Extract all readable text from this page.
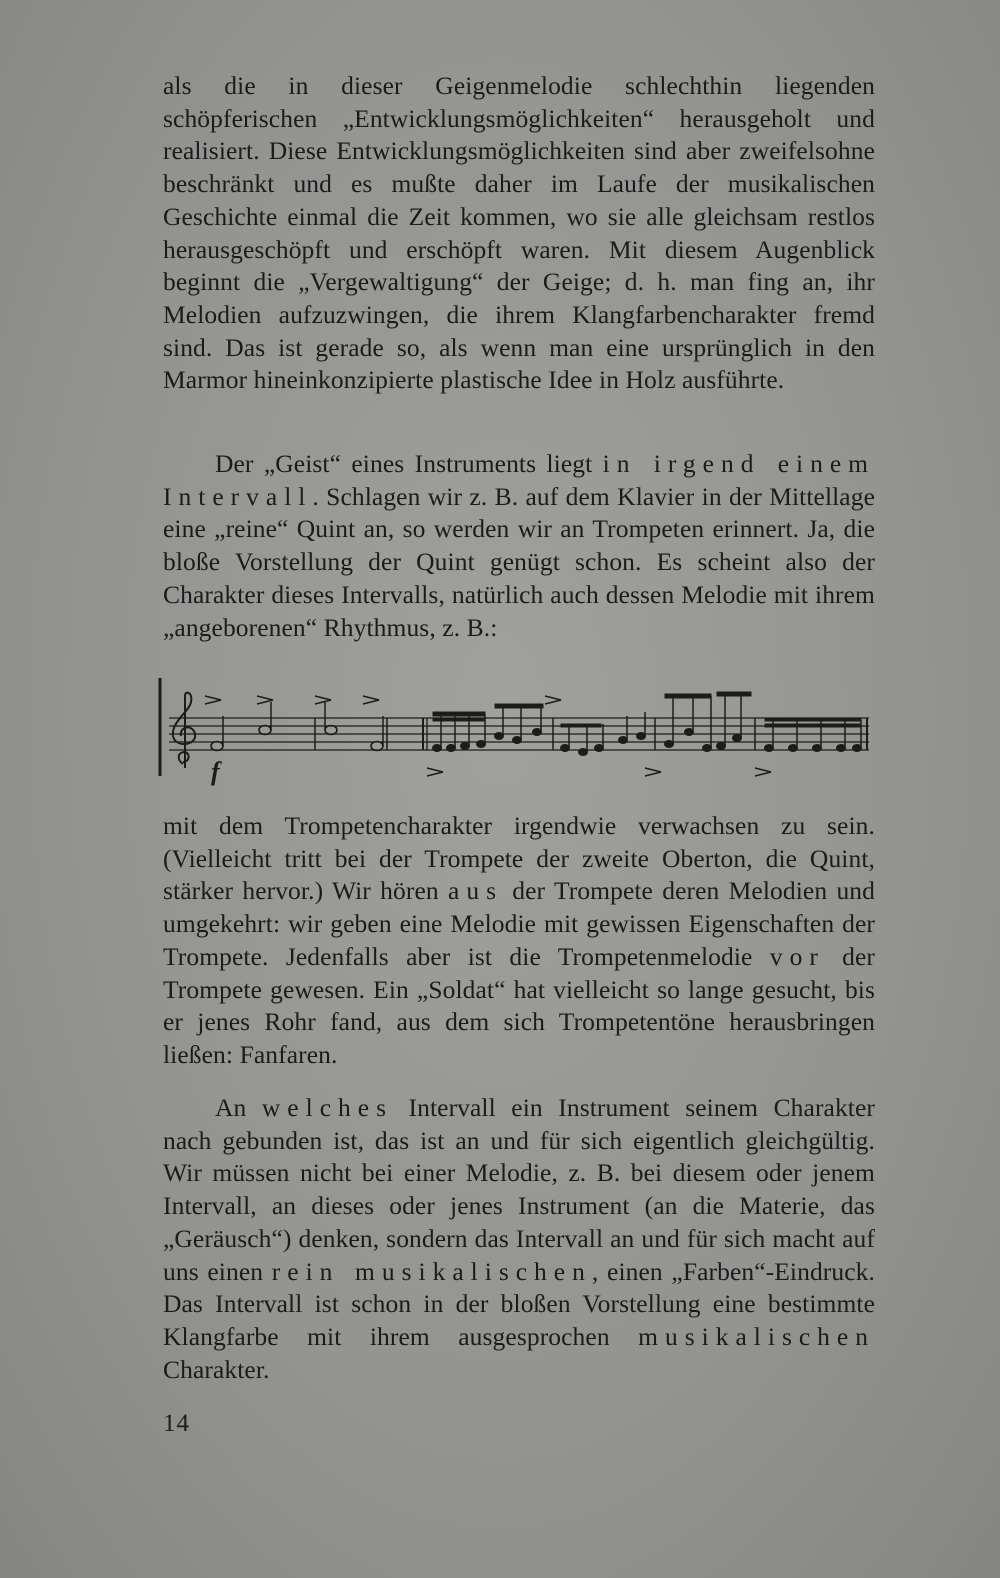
als die in dieser Geigenmelodie schlechthin liegenden schöpferischen „Entwicklungsmöglichkeiten“ herausgeholt und realisiert. Diese Entwicklungsmöglichkeiten sind aber zweifelsohne beschränkt und es mußte daher im Laufe der musikalischen Geschichte einmal die Zeit kommen, wo sie alle gleichsam restlos herausgeschöpft und erschöpft waren. Mit diesem Augenblick beginnt die „Vergewaltigung“ der Geige; d. h. man fing an, ihr Melodien aufzuzwingen, die ihrem Klangfarbencharakter fremd sind. Das ist gerade so, als wenn man eine ursprünglich in den Marmor hineinkonzipierte plastische Idee in Holz ausführte.

Der „Geist“ eines Instruments liegt in irgend einem Intervall. Schlagen wir z. B. auf dem Klavier in der Mittellage eine „reine“ Quint an, so werden wir an Trompeten erinnert. Ja, die bloße Vorstellung der Quint genügt schon. Es scheint also der Charakter dieses Intervalls, natürlich auch dessen Melodie mit ihrem „angeborenen“ Rhythmus, z. B.:

f

mit dem Trompetencharakter irgendwie verwachsen zu sein. (Vielleicht tritt bei der Trompete der zweite Oberton, die Quint, stärker hervor.) Wir hören aus der Trompete deren Melodien und umgekehrt: wir geben eine Melodie mit gewissen Eigenschaften der Trompete. Jedenfalls aber ist die Trompetenmelodie vor der Trompete gewesen. Ein „Soldat“ hat vielleicht so lange gesucht, bis er jenes Rohr fand, aus dem sich Trompetentöne herausbringen ließen: Fanfaren.

An welches Intervall ein Instrument seinem Charakter nach gebunden ist, das ist an und für sich eigentlich gleichgültig. Wir müssen nicht bei einer Melodie, z. B. bei diesem oder jenem Intervall, an dieses oder jenes Instrument (an die Materie, das „Geräusch“) denken, sondern das Intervall an und für sich macht auf uns einen rein musikalischen, einen „Farben“-Eindruck. Das Intervall ist schon in der bloßen Vorstellung eine bestimmte Klangfarbe mit ihrem ausgesprochen musikalischen Charakter.

14
